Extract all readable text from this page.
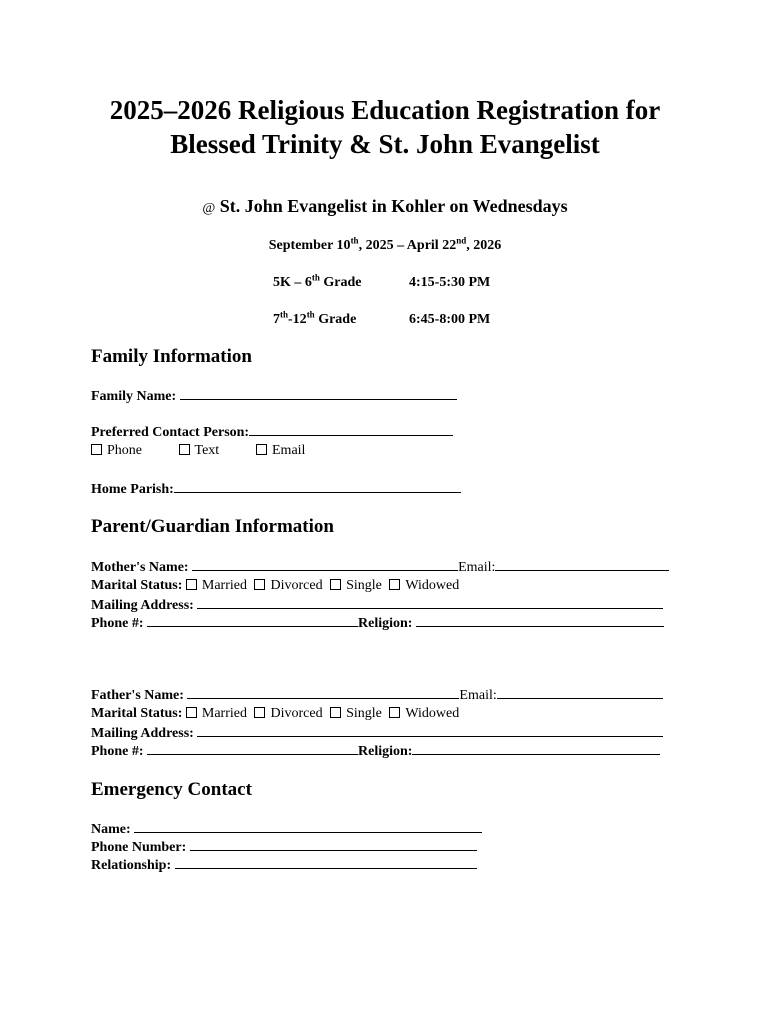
2025–2026 Religious Education Registration for
Blessed Trinity & St. John Evangelist
@ St. John Evangelist in Kohler on Wednesdays
September 10th, 2025 – April 22nd, 2026
5K – 6th Grade	4:15-5:30 PM
7th-12th Grade	6:45-8:00 PM
Family Information
Family Name:
Preferred Contact Person:
Phone	Text	Email
Home Parish:
Parent/Guardian Information
Mother's Name:	Email:
Marital Status: Married Divorced Single Widowed
Mailing Address:
Phone #:	Religion:
Father's Name:	Email:
Marital Status: Married Divorced Single Widowed
Mailing Address:
Phone #:	Religion:
Emergency Contact
Name:
Phone Number:
Relationship:
